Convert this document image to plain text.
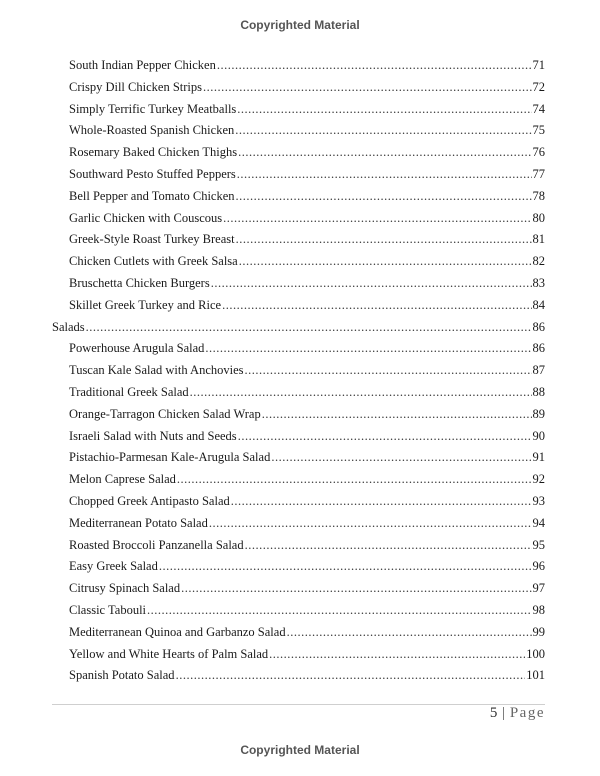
Copyrighted Material
South Indian Pepper Chicken .....	71
Crispy Dill Chicken Strips .....	72
Simply Terrific Turkey Meatballs .....	74
Whole-Roasted Spanish Chicken .....	75
Rosemary Baked Chicken Thighs .....	76
Southward Pesto Stuffed Peppers .....	77
Bell Pepper and Tomato Chicken .....	78
Garlic Chicken with Couscous .....	80
Greek-Style Roast Turkey Breast .....	81
Chicken Cutlets with Greek Salsa .....	82
Bruschetta Chicken Burgers .....	83
Skillet Greek Turkey and Rice .....	84
Salads .....	86
Powerhouse Arugula Salad .....	86
Tuscan Kale Salad with Anchovies .....	87
Traditional Greek Salad .....	88
Orange-Tarragon Chicken Salad Wrap .....	89
Israeli Salad with Nuts and Seeds .....	90
Pistachio-Parmesan Kale-Arugula Salad .....	91
Melon Caprese Salad .....	92
Chopped Greek Antipasto Salad .....	93
Mediterranean Potato Salad .....	94
Roasted Broccoli Panzanella Salad .....	95
Easy Greek Salad .....	96
Citrusy Spinach Salad .....	97
Classic Tabouli .....	98
Mediterranean Quinoa and Garbanzo Salad .....	99
Yellow and White Hearts of Palm Salad .....	100
Spanish Potato Salad .....	101
5 | Page
Copyrighted Material
